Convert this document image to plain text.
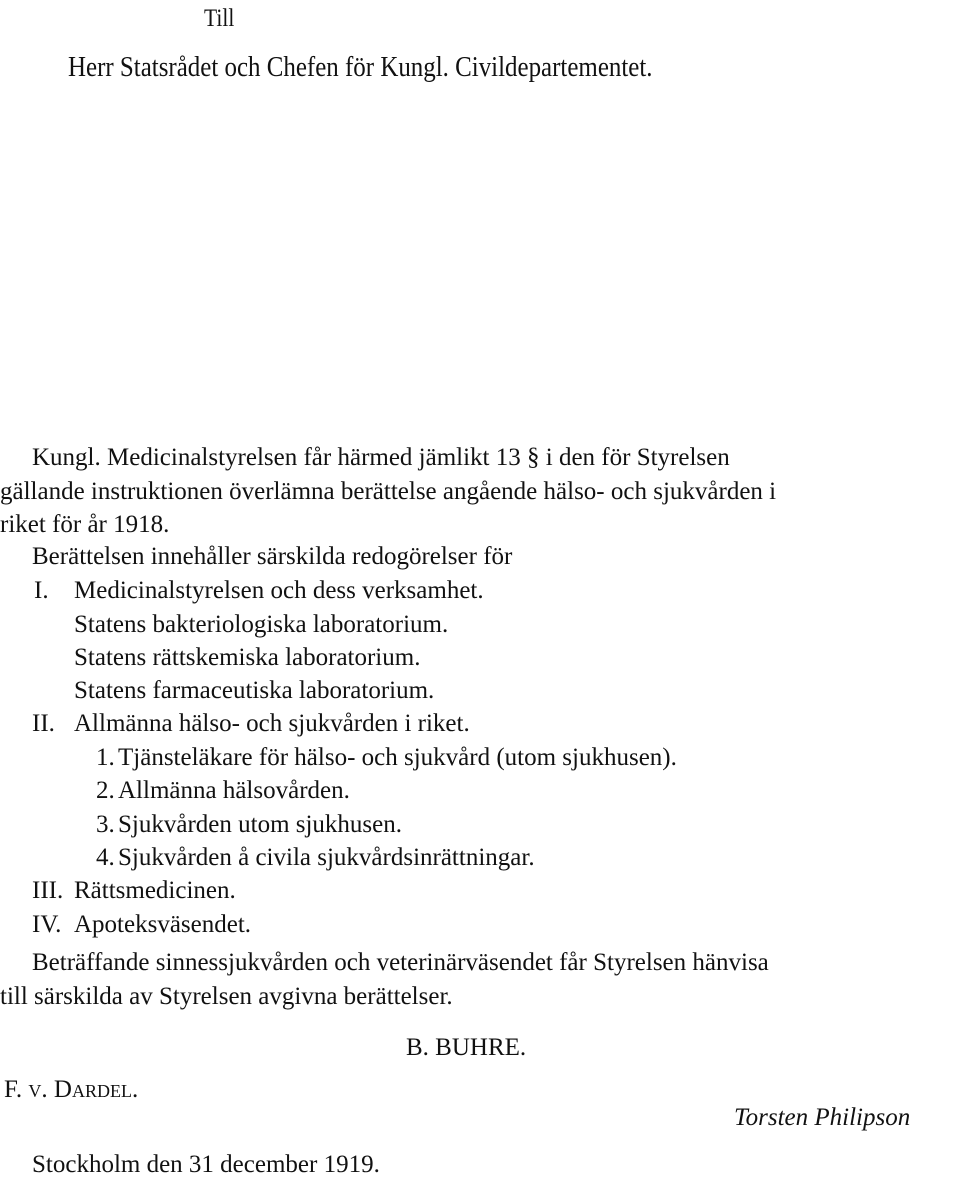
Till
Herr Statsrådet och Chefen för Kungl. Civildepartementet.
Kungl. Medicinalstyrelsen får härmed jämlikt 13 § i den för Styrelsen
gällande instruktionen överlämna berättelse angående hälso- och sjukvården i
riket för år 1918.
Berättelsen innehåller särskilda redogörelser för
I. Medicinalstyrelsen och dess verksamhet.
Statens bakteriologiska laboratorium.
Statens rättskemiska laboratorium.
Statens farmaceutiska laboratorium.
II. Allmänna hälso- och sjukvården i riket.
1. Tjänsteläkare för hälso- och sjukvård (utom sjukhusen).
2. Allmänna hälsovården.
3. Sjukvården utom sjukhusen.
4. Sjukvården å civila sjukvårdsinrättningar.
III. Rättsmedicinen.
IV. Apoteksväsendet.
Beträffande sinnessjukvården och veterinärväsendet får Styrelsen hänvisa
till särskilda av Styrelsen avgivna berättelser.
B. BUHRE.
F. v. Dardel.
Torsten Philipson
Stockholm den 31 december 1919.
